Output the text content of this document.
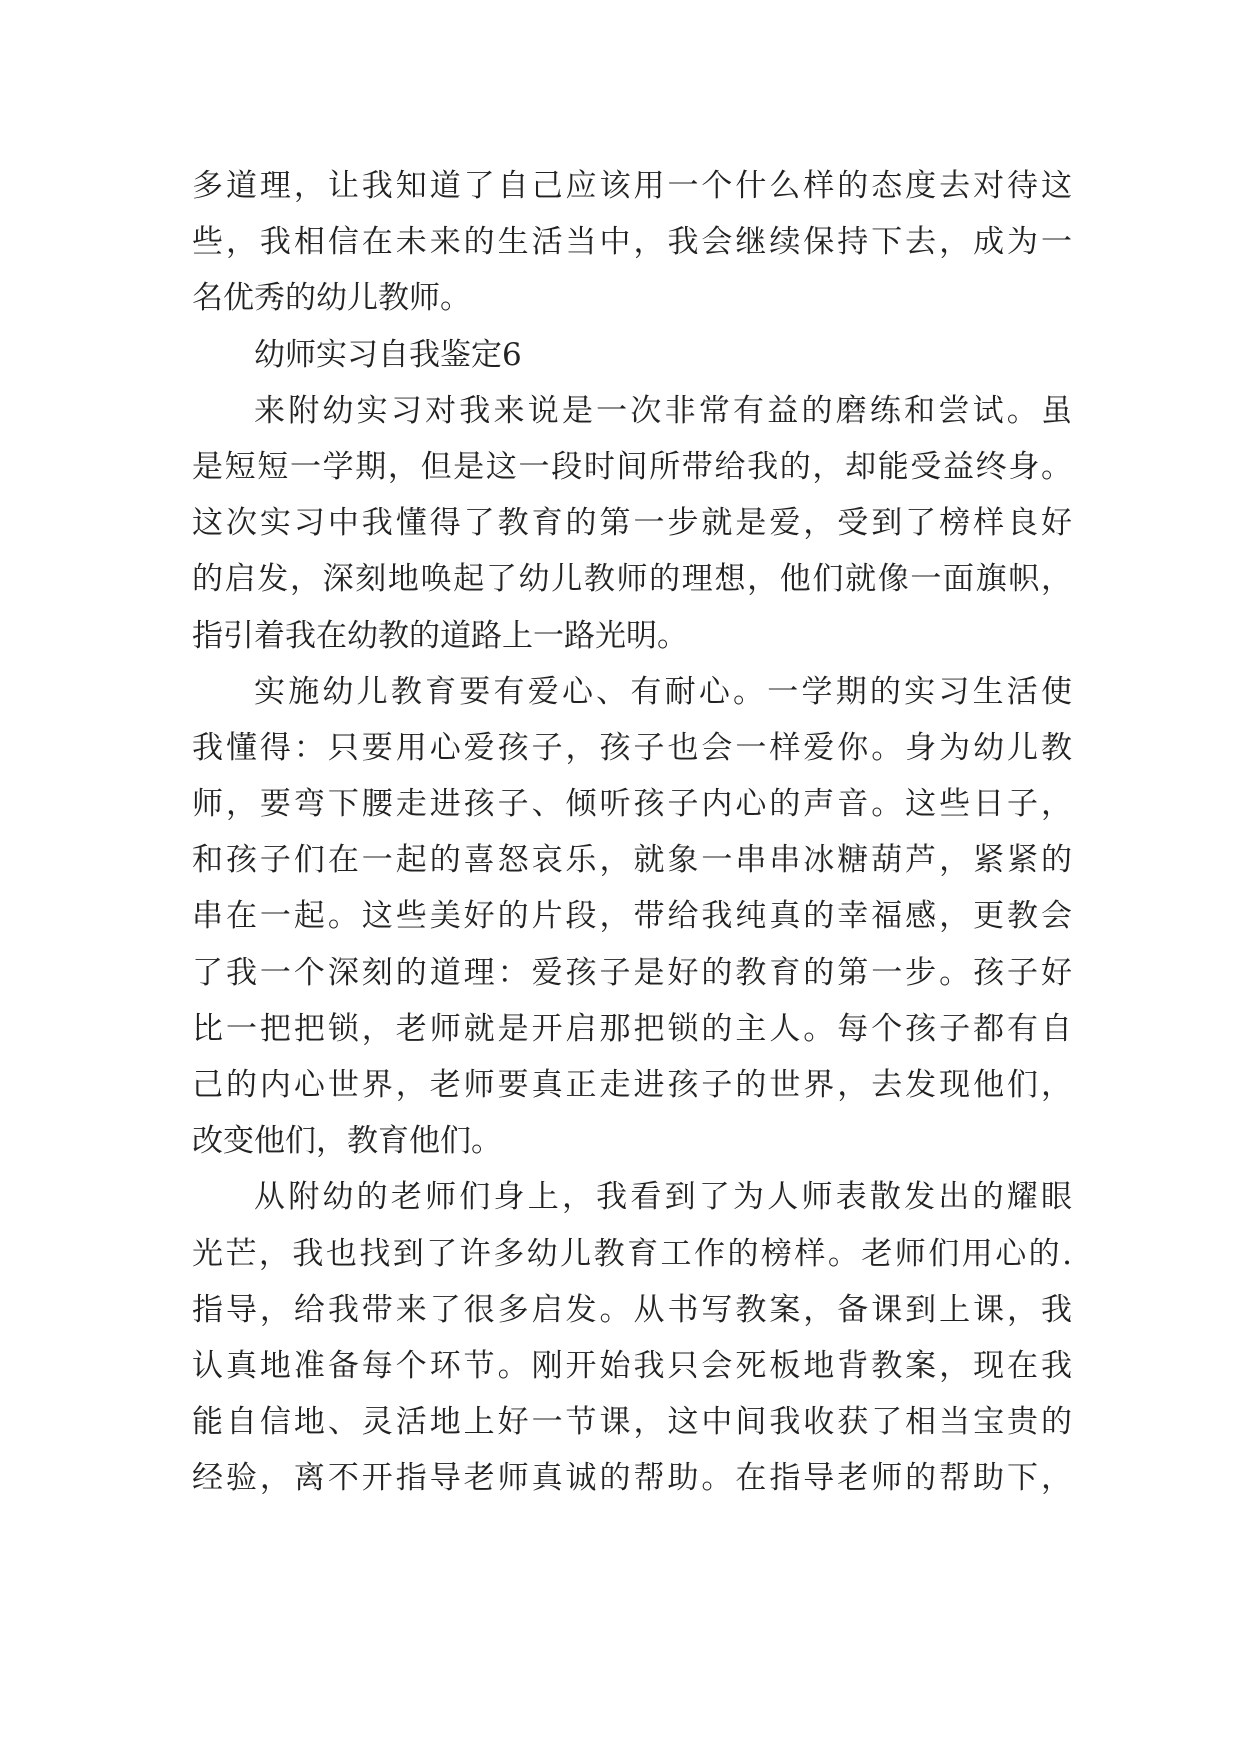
多道理，让我知道了自己应该用一个什么样的态度去对待这
些，我相信在未来的生活当中，我会继续保持下去，成为一
名优秀的幼儿教师。
幼师实习自我鉴定6
来附幼实习对我来说是一次非常有益的磨练和尝试。虽
是短短一学期，但是这一段时间所带给我的，却能受益终身。
这次实习中我懂得了教育的第一步就是爱，受到了榜样良好
的启发，深刻地唤起了幼儿教师的理想，他们就像一面旗帜，
指引着我在幼教的道路上一路光明。
实施幼儿教育要有爱心、有耐心。一学期的实习生活使
我懂得：只要用心爱孩子，孩子也会一样爱你。身为幼儿教
师，要弯下腰走进孩子、倾听孩子内心的声音。这些日子，
和孩子们在一起的喜怒哀乐，就象一串串冰糖葫芦，紧紧的
串在一起。这些美好的片段，带给我纯真的幸福感，更教会
了我一个深刻的道理：爱孩子是好的教育的第一步。孩子好
比一把把锁，老师就是开启那把锁的主人。每个孩子都有自
己的内心世界，老师要真正走进孩子的世界，去发现他们，
改变他们，教育他们。
从附幼的老师们身上，我看到了为人师表散发出的耀眼
光芒，我也找到了许多幼儿教育工作的榜样。老师们用心的.
指导，给我带来了很多启发。从书写教案，备课到上课，我
认真地准备每个环节。刚开始我只会死板地背教案，现在我
能自信地、灵活地上好一节课，这中间我收获了相当宝贵的
经验，离不开指导老师真诚的帮助。在指导老师的帮助下，
